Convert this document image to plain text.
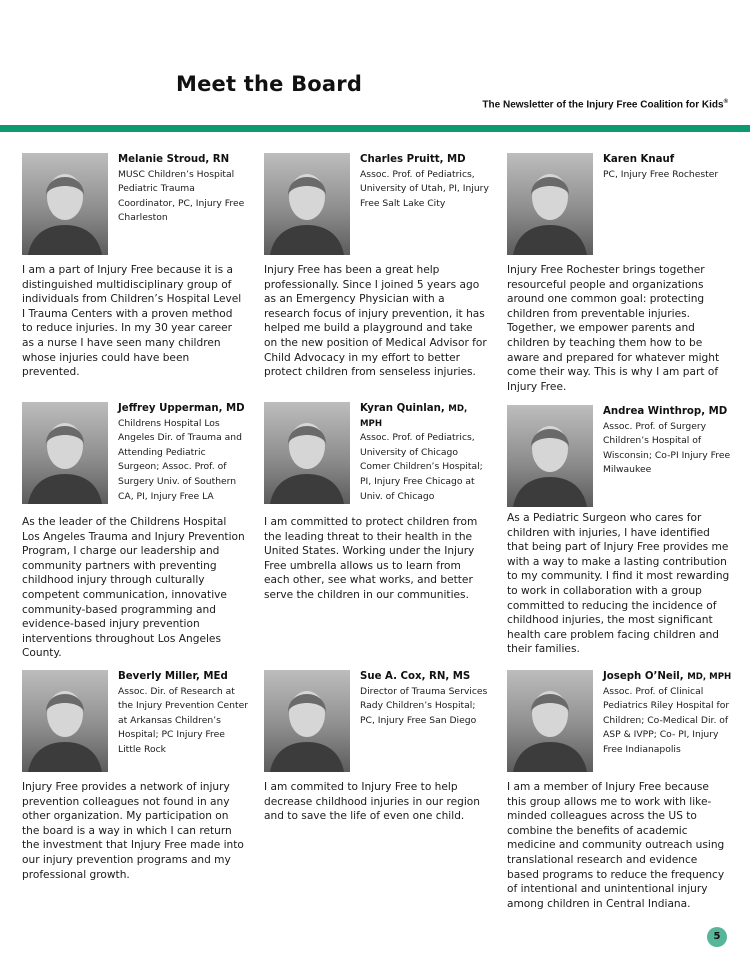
Meet the Board
The Newsletter of the Injury Free Coalition for Kids®
Melanie Stroud, RN
MUSC Children’s Hospital Pediatric Trauma Coordinator, PC, Injury Free Charleston
I am a part of Injury Free because it is a distinguished multidisciplinary group of individuals from Children’s Hospital Level I Trauma Centers with a proven method to reduce injuries. In my 30 year career as a nurse I have seen many children whose injuries could have been prevented.
Charles Pruitt, MD
Assoc. Prof. of Pediatrics, University of Utah, PI, Injury Free Salt Lake City
Injury Free has been a great help professionally. Since I joined 5 years ago as an Emergency Physician with a research focus of injury prevention, it has helped me build a playground and take on the new position of Medical Advisor for Child Advocacy in my effort to better protect children from senseless injuries.
Karen Knauf
PC, Injury Free Rochester
Injury Free Rochester brings together resourceful people and organizations around one common goal: protecting children from preventable injuries. Together, we empower parents and children by teaching them how to be aware and prepared for whatever might come their way. This is why I am part of Injury Free.
Jeffrey Upperman, MD
Childrens Hospital Los Angeles Dir. of Trauma and Attending Pediatric Surgeon; Assoc. Prof. of Surgery Univ. of Southern CA, PI, Injury Free LA
As the leader of the Childrens Hospital Los Angeles Trauma and Injury Prevention Program, I charge our leadership and community partners with preventing childhood injury through culturally competent communication, innovative community-based programming and evidence-based injury prevention interventions throughout Los Angeles County.
Kyran Quinlan, MD, MPH
Assoc. Prof. of Pediatrics, University of Chicago Comer Children’s Hospital; PI, Injury Free Chicago at Univ. of Chicago
I am committed to protect children from the leading threat to their health in the United States. Working under the Injury Free umbrella allows us to learn from each other, see what works, and better serve the children in our communities.
Andrea Winthrop, MD
Assoc. Prof. of Surgery Children’s Hospital of Wisconsin; Co-PI Injury Free Milwaukee
As a Pediatric Surgeon who cares for children with injuries, I have identified that being part of Injury Free provides me with a way to make a lasting contribution to my community. I find it most rewarding to work in collaboration with a group committed to reducing the incidence of childhood injuries, the most significant health care problem facing children and their families.
Beverly Miller, MEd
Assoc. Dir. of Research at the Injury Prevention Center at Arkansas Children’s Hospital; PC Injury Free Little Rock
Injury Free provides a network of injury prevention colleagues not found in any other organization. My participation on the board is a way in which I can return the investment that Injury Free made into our injury prevention programs and my professional growth.
Sue A. Cox, RN, MS
Director of Trauma Services Rady Children’s Hospital; PC, Injury Free San Diego
I am commited to Injury Free to help decrease childhood injuries in our region and to save the life of even one child.
Joseph O’Neil, MD, MPH
Assoc. Prof. of Clinical Pediatrics Riley Hospital for Children; Co-Medical Dir. of ASP & IVPP; Co- PI, Injury Free Indianapolis
I am a member of Injury Free because this group allows me to work with like-minded colleagues across the US to combine the benefits of academic medicine and community outreach using translational research and evidence based programs to reduce the frequency of intentional and unintentional injury among children in Central Indiana.
5
